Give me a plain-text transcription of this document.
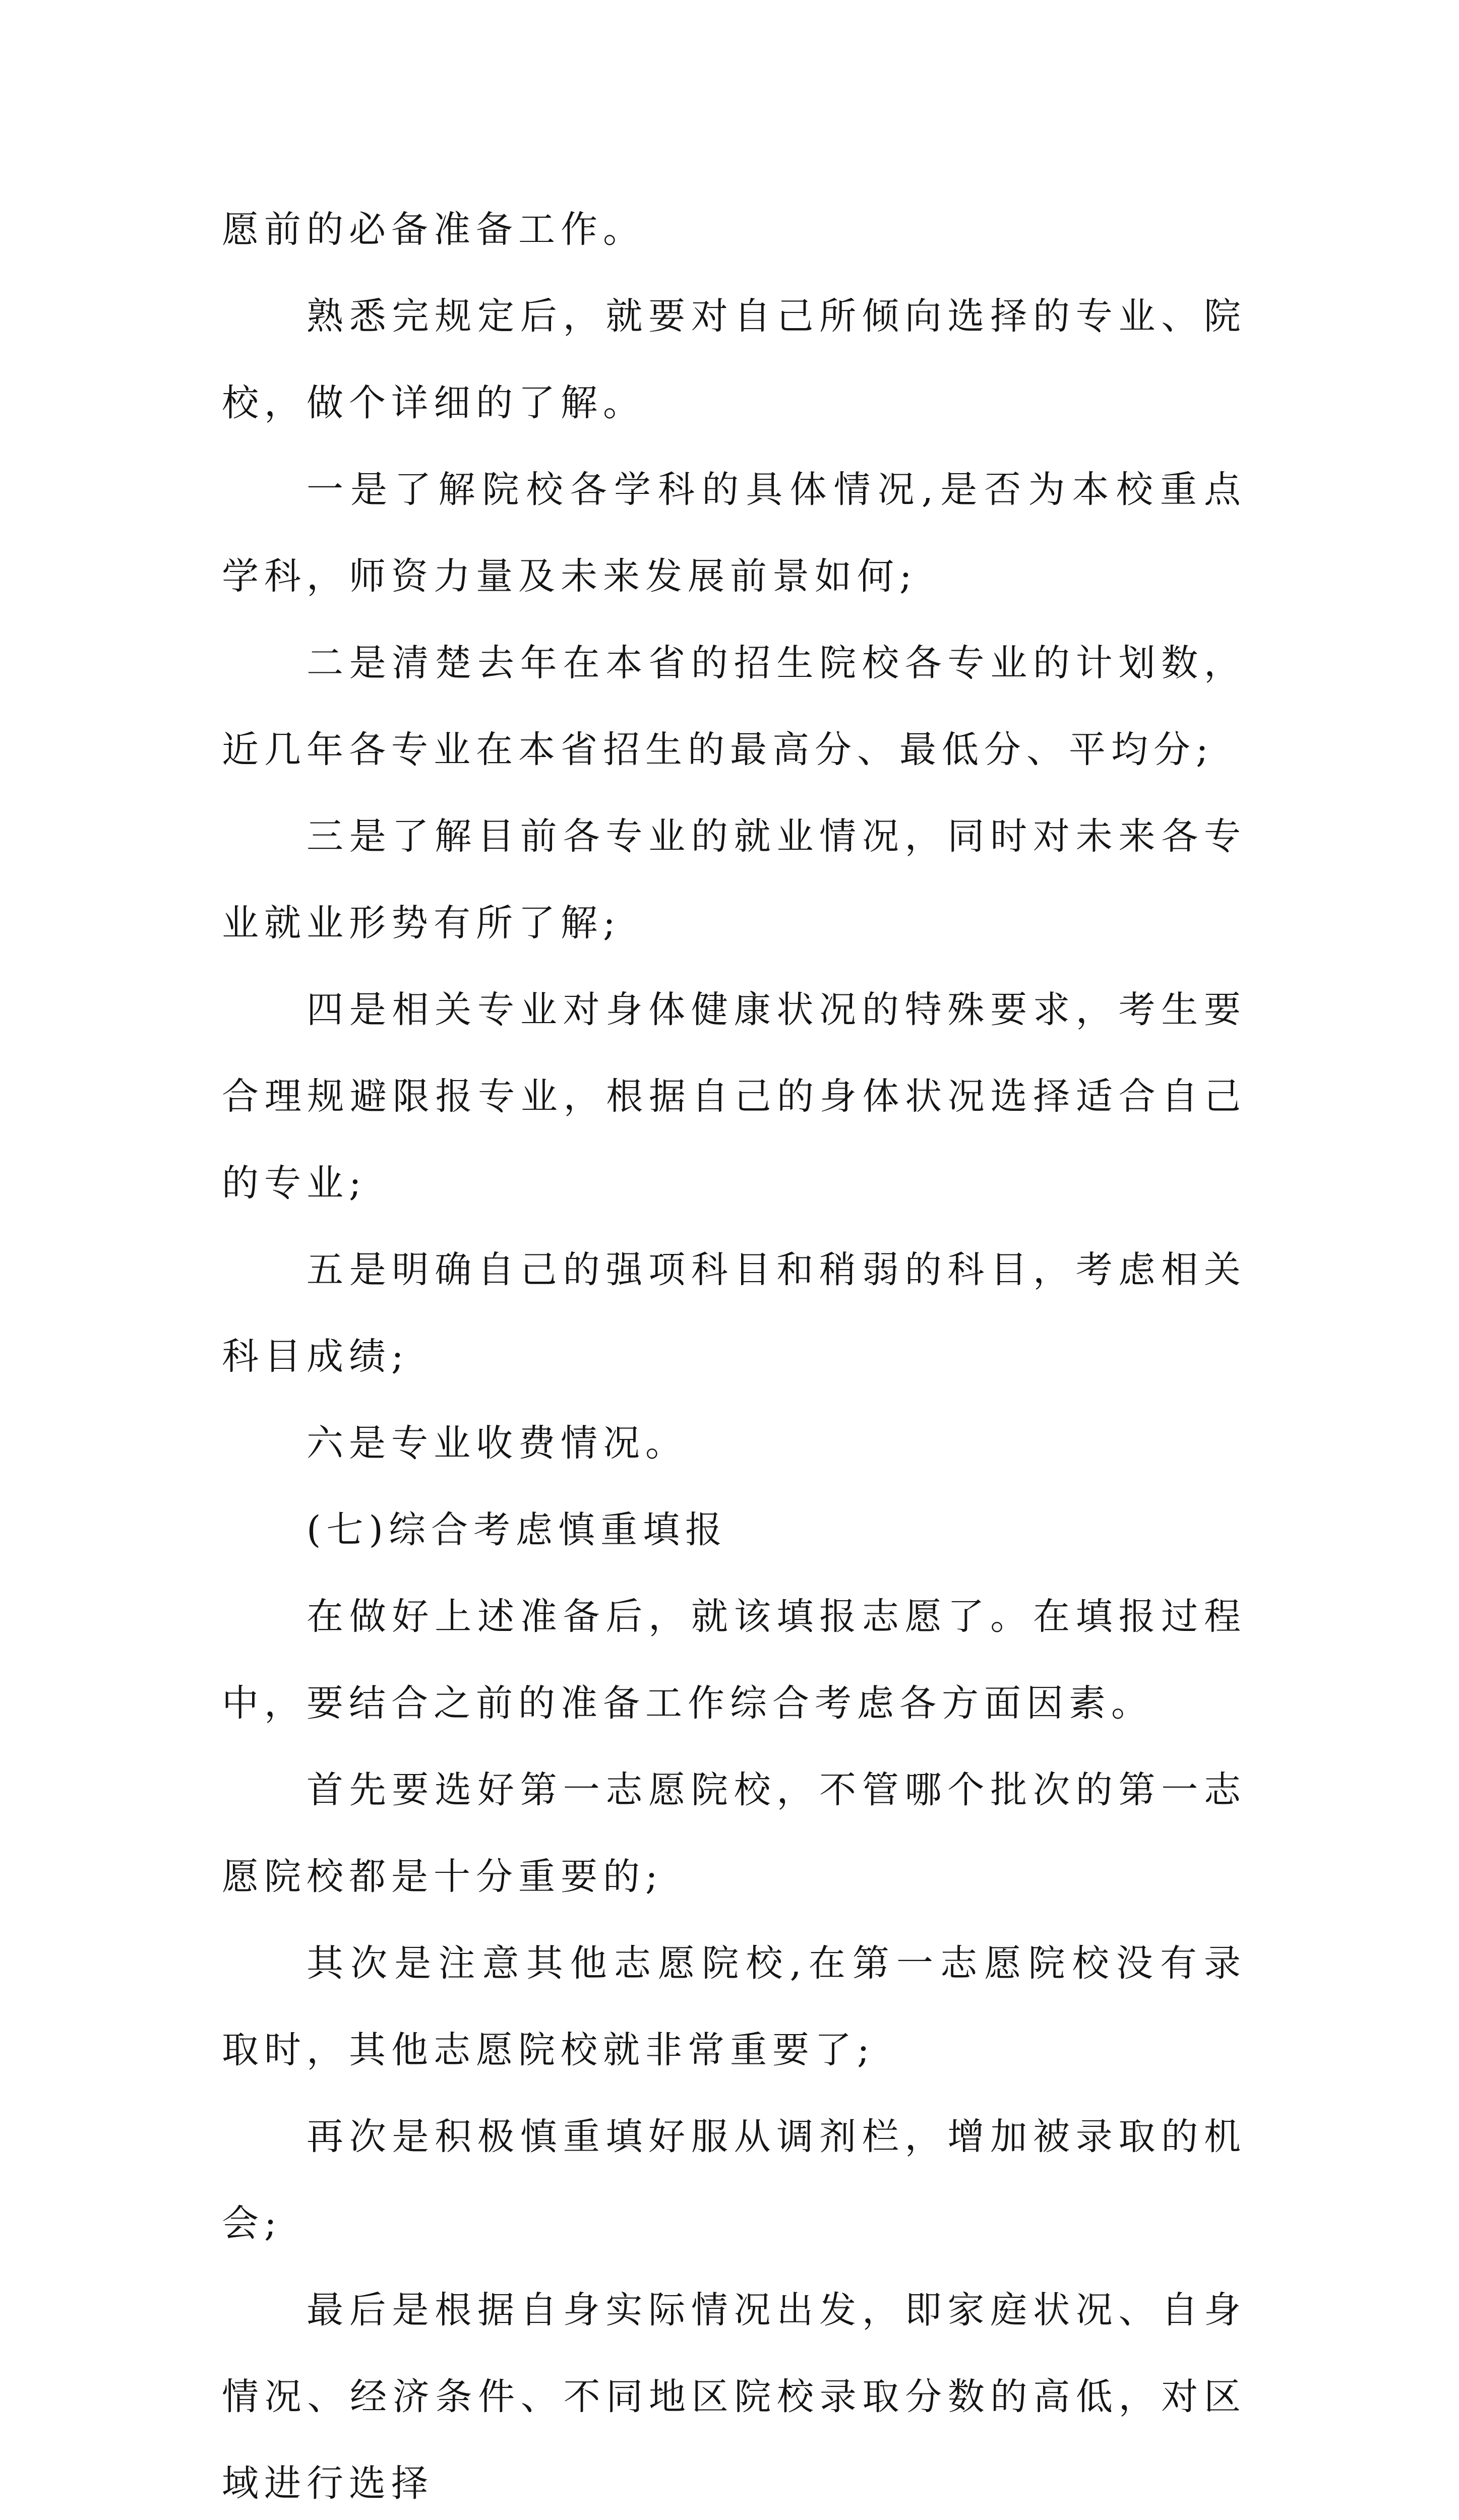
愿前的必备准备工作。

熟悉完规定后，就要对自己所倾向选择的专业、院校，做个详细的了解。

一是了解院校各学科的具体情况,是否为本校重点学科，师资力量及未来发展前景如何;

二是清楚去年在本省的招生院校各专业的计划数，近几年各专业在本省招生的最高分、最低分、平均分;

三是了解目前各专业的就业情况，同时对未来各专业就业形势有所了解;

四是相关专业对身体健康状况的特殊要求，考生要合理规避限报专业，根据自己的身体状况选择适合自己的专业;

五是明确自己的强项科目和稍弱的科目，考虑相关科目成绩;

六是专业收费情况。

(七)综合考虑慎重填报

在做好上述准备后，就该填报志愿了。在填报过程中，要结合之前的准备工作综合考虑各方面因素。

首先要选好第一志愿院校，不管哪个批次的第一志愿院校都是十分重要的;

其次是注意其他志愿院校,在第一志愿院校没有录取时，其他志愿院校就非常重要了;

再次是积极慎重填好服从调剂栏，增加被录取的机会;

最后是根据自身实际情况出发，即家庭状况、自身情况、经济条件、不同地区院校录取分数的高低，对区域进行选择
